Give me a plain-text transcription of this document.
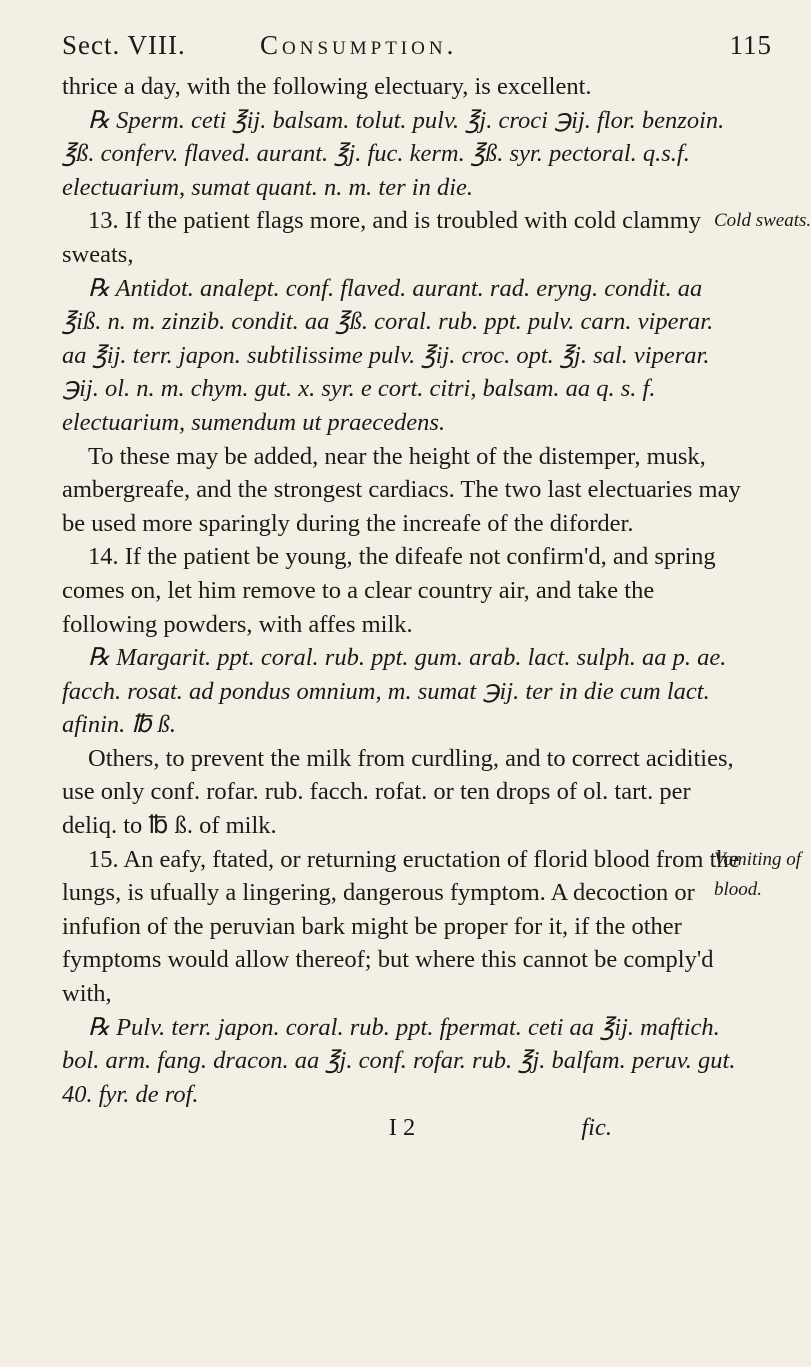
Sect. VIII.	Consumption.	115

thrice a day, with the following electuary, is excellent.

℞ Sperm. ceti ℥ij. balsam. tolut. pulv. ℥j. croci ℈ij. flor. benzoin. ℥ß. conferv. flaved. aurant. ℥j. fuc. kerm. ℥ß. syr. pectoral. q.s.f. electuarium, sumat quant. n. m. ter in die.

13. If the patient flags more, and is troubled with cold clammy sweats,

Cold sweats.

℞ Antidot. analept. conf. flaved. aurant. rad. eryng. condit. aa ℥iß. n. m. zinzib. condit. aa ℥ß. coral. rub. ppt. pulv. carn. viperar. aa ℥ij. terr. japon. subtilissime pulv. ℥ij. croc. opt. ℥j. sal. viperar. ℈ij. ol. n. m. chym. gut. x. syr. e cort. citri, balsam. aa q. s. f. electuarium, sumendum ut praecedens.

To these may be added, near the height of the distemper, musk, ambergreafe, and the strongest cardiacs. The two last electuaries may be used more sparingly during the increafe of the diforder.

14. If the patient be young, the difeafe not confirm'd, and spring comes on, let him remove to a clear country air, and take the following powders, with affes milk.

℞ Margarit. ppt. coral. rub. ppt. gum. arab. lact. sulph. aa p. ae. facch. rosat. ad pondus omnium, m. sumat ℈ij. ter in die cum lact. afinin. ℔ ß.

Others, to prevent the milk from curdling, and to correct acidities, use only conf. rofar. rub. facch. rofat. or ten drops of ol. tart. per deliq. to ℔ ß. of milk.

15. An eafy, ftated, or returning eructation of florid blood from the lungs, is ufually a lingering, dangerous fymptom. A decoction or infufion of the peruvian bark might be proper for it, if the other fymptoms would allow thereof; but where this cannot be comply'd with,

Vomiting of
blood.

℞ Pulv. terr. japon. coral. rub. ppt. fpermat. ceti aa ℥ij. maftich. bol. arm. fang. dracon. aa ℥j. conf. rofar. rub. ℥j. balfam. peruv. gut. 40. fyr. de rof.

I 2	fic.
